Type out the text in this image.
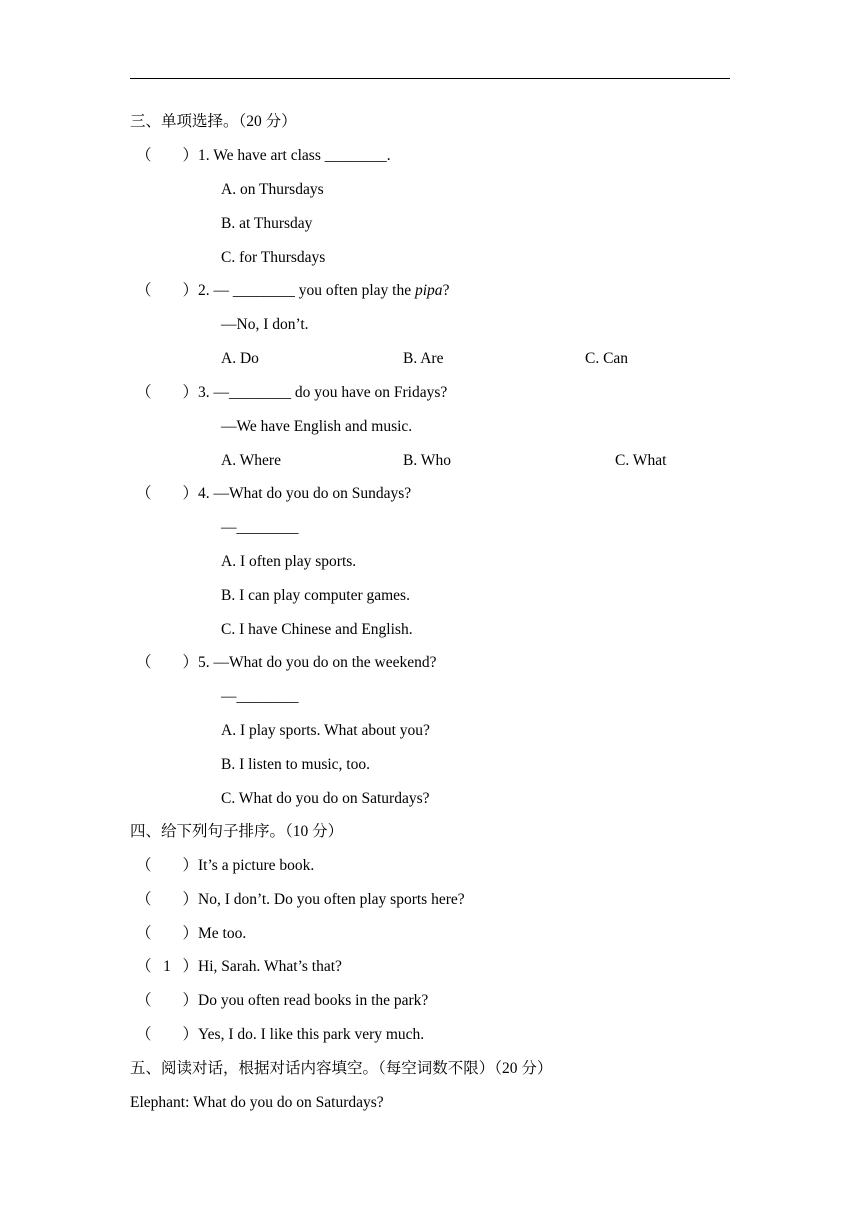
三、单项选择。（20 分）
（        ）1. We have art class ________.
A. on Thursdays
B. at Thursday
C. for Thursdays
（        ）2. — ________ you often play the pipa?
—No, I don’t.
A. Do	B. Are	C. Can
（        ）3. —________ do you have on Fridays?
—We have English and music.
A. Where	B. Who	C. What
（        ）4. —What do you do on Sundays?
—________
A. I often play sports.
B. I can play computer games.
C. I have Chinese and English.
（        ）5. —What do you do on the weekend?
—________
A. I play sports. What about you?
B. I listen to music, too.
C. What do you do on Saturdays?
四、给下列句子排序。（10 分）
（        ）It’s a picture book.
（        ）No, I don’t. Do you often play sports here?
（        ）Me too.
（   1   ）Hi, Sarah. What’s that?
（        ）Do you often read books in the park?
（        ）Yes, I do. I like this park very much.
五、阅读对话，根据对话内容填空。（每空词数不限）（20 分）
Elephant: What do you do on Saturdays?
